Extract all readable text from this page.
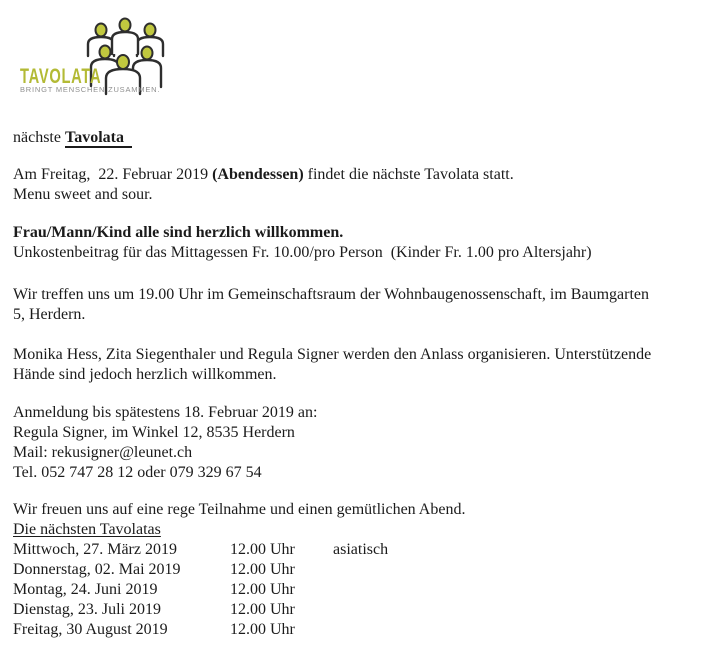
TAVOLATA
BRINGT MENSCHEN ZUSAMMEN.
nächste Tavolata
Am Freitag,  22. Februar 2019 (Abendessen) findet die nächste Tavolata statt.
Menu sweet and sour.
Frau/Mann/Kind alle sind herzlich willkommen.
Unkostenbeitrag für das Mittagessen Fr. 10.00/pro Person  (Kinder Fr. 1.00 pro Altersjahr)
Wir treffen uns um 19.00 Uhr im Gemeinschaftsraum der Wohnbaugenossenschaft, im Baumgarten
5, Herdern.
Monika Hess, Zita Siegenthaler und Regula Signer werden den Anlass organisieren. Unterstützende
Hände sind jedoch herzlich willkommen.
Anmeldung bis spätestens 18. Februar 2019 an:
Regula Signer, im Winkel 12, 8535 Herdern
Mail: rekusigner@leunet.ch
Tel. 052 747 28 12 oder 079 329 67 54
Wir freuen uns auf eine rege Teilnahme und einen gemütlichen Abend.
Die nächsten Tavolatas
Mittwoch, 27. März 2019	12.00 Uhr	asiatisch
Donnerstag, 02. Mai 2019	12.00 Uhr
Montag, 24. Juni 2019	12.00 Uhr
Dienstag, 23. Juli 2019	12.00 Uhr
Freitag, 30 August 2019	12.00 Uhr
